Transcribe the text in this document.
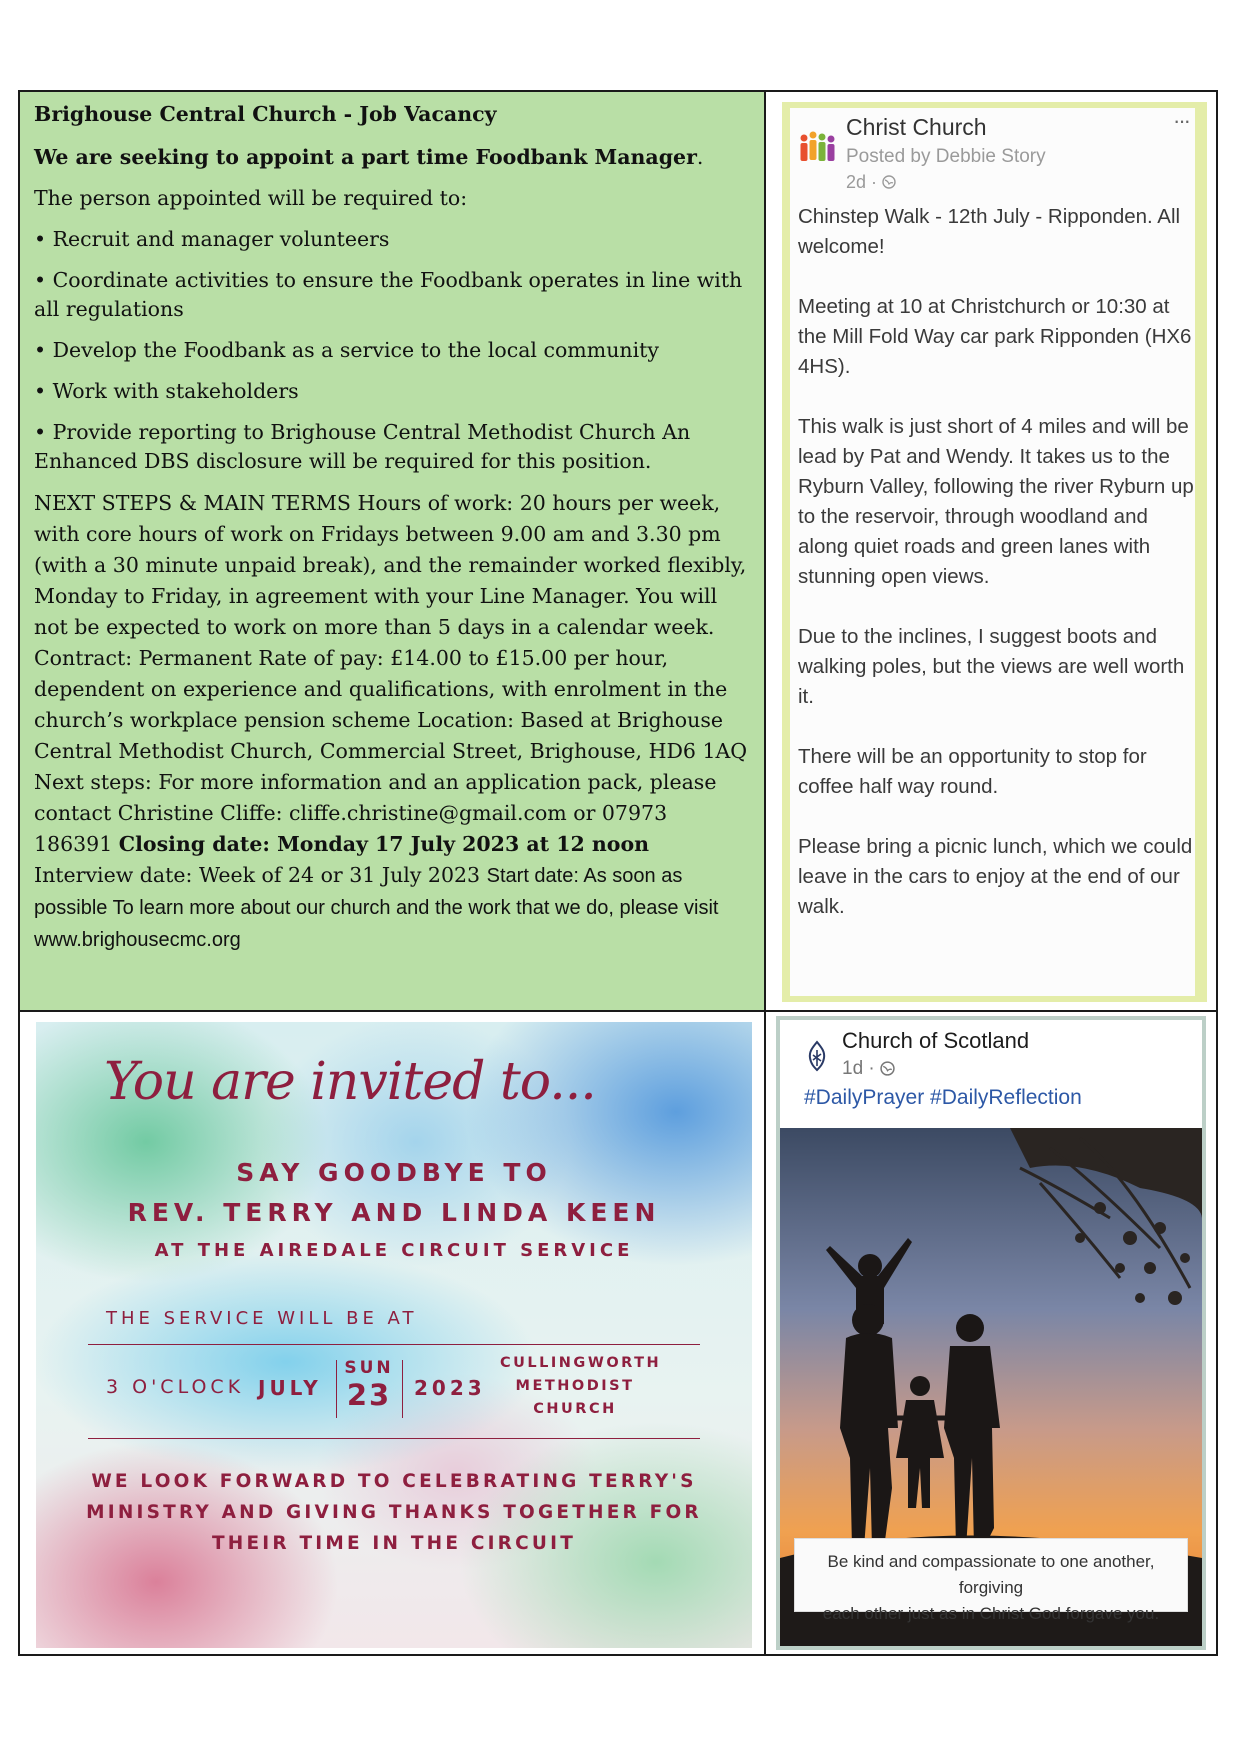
Brighouse Central Church - Job Vacancy

We are seeking to appoint a part time Foodbank Manager.

The person appointed will be required to:

• Recruit and manager volunteers

• Coordinate activities to ensure the Foodbank operates in line with all regulations

• Develop the Foodbank as a service to the local community

• Work with stakeholders

• Provide reporting to Brighouse Central Methodist Church An Enhanced DBS disclosure will be required for this position.

NEXT STEPS & MAIN TERMS Hours of work: 20 hours per week, with core hours of work on Fridays between 9.00 am and 3.30 pm (with a 30 minute unpaid break), and the remainder worked flexibly, Monday to Friday, in agreement with your Line Manager. You will not be expected to work on more than 5 days in a calendar week. Contract: Permanent Rate of pay: £14.00 to £15.00 per hour, dependent on experience and qualifications, with enrolment in the church’s workplace pension scheme Location: Based at Brighouse Central Methodist Church, Commercial Street, Brighouse, HD6 1AQ Next steps: For more information and an application pack, please contact Christine Cliffe: cliffe.christine@gmail.com or 07973 186391 Closing date: Monday 17 July 2023 at 12 noon Interview date: Week of 24 or 31 July 2023 Start date: As soon as possible To learn more about our church and the work that we do, please visit www.brighousecmc.org

Christ Church
Posted by Debbie Story
2d ·
···

Chinstep Walk - 12th July - Ripponden. All welcome!

Meeting at 10 at Christchurch or 10:30 at the Mill Fold Way car park Ripponden (HX6 4HS).

This walk is just short of 4 miles and will be lead by Pat and Wendy. It takes us to the Ryburn Valley, following the river Ryburn up to the reservoir, through woodland and along quiet roads and green lanes with stunning open views.

Due to the inclines, I suggest boots and walking poles, but the views are well worth it.

There will be an opportunity to stop for coffee half way round.

Please bring a picnic lunch, which we could leave in the cars to enjoy at the end of our walk.

You are invited to...
SAY GOODBYE TO
REV. TERRY AND LINDA KEEN
AT THE AIREDALE CIRCUIT SERVICE
THE SERVICE WILL BE AT
3 O'CLOCK JULY
SUN
23	2023
CULLINGWORTH
METHODIST
CHURCH
WE LOOK FORWARD TO CELEBRATING TERRY'S MINISTRY AND GIVING THANKS TOGETHER FOR THEIR TIME IN THE CIRCUIT
Church of Scotland
1d ·
#DailyPrayer #DailyReflection
Be kind and compassionate to one another, forgiving
each other just as in Christ God forgave you.
